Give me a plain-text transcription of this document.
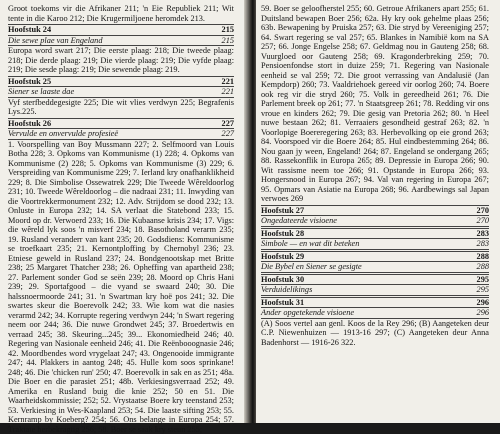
Groot toekoms vir die Afrikaner 211; 'n Eie Republiek 211; Wit tente in die Karoo 212; Die Krugermiljoene heromdek 213.

Hoofstuk 24	215
Die sewe plae van Engeland	215

Europa word swart 217; Die eerste plaag: 218; Die tweede plaag: 218; Die derde plaag: 219; Die vierde plaag: 219; Die vyfde plaag: 219; Die sesde plaag: 219; Die sewende plaag: 219.

Hoofstuk 25	221
Siener se laaste dae	221

Vyf sterfbeddegesigte 225; Die wit vlies verdwyn 225; Begrafenis Lys.225.

Hoofstuk 26	227
Vervulde en onvervulde profesieë	227

1. Voorspelling van Boy Mussmann 227; 2. Selfmoord van Louis Botha 228; 3. Opkoms van Kommunisme (1) 228; 4. Opkoms van Kommunisme (2) 228; 5. Opkoms van Kommunisme (3) 229; 6. Verspreiding van Kommunisme 229; 7. Ierland kry onafhanklikheid 229; 8. Die Simbolise Ossewatrek 229; Die Tweede Wêreldoorlog 231; 10. Tweede Wêreldoorlog – die nadraai 231; 11. Inwyding van die Voortrekkermonument 232; 12. Adv. Strijdom se dood 232; 13. Onluste in Europa 232; 14. SA verlaat die Statebond 233; 15. Moord op dr. Verwoerd 233; 16. Die Kubaanse krisis 234; 17. Vigs: die wêreld lyk soos 'n misverf 234; 18. Basotholand verarm 235; 19. Rusland veranderr van kant 235; 20. Godsdiens: Kommunisme se troefkaart 235; 21. Kernontploffing by Chernobyl 236; 23. Etniese geweld in Rusland 237; 24. Bondgenootskap met Britte 238; 25 Margaret Thatcher 238; 26. Opheffing van apartheid 238; 27. Parlement sonder God se seën 239; 28. Moord op Chris Hani 239; 29. Sportafgood – die vyand se swaard 240; 30. Die halssnoermoorde 241; 31. 'n Swartman kry hoë pos 241; 32. Die swartes skeur die Boerevolk 242; 33. Wie kom wat die nasies verarmd 242; 34. Korrupte regering verdwyn 244; 'n Swart regering neem oor 244; 36. Die nuwe Grondwet 245; 37. Broedertwis en verraad 245; 38. Skeuring...245; 39... Ekonomiedheid 246; 40. Regering van Nasionale eenheid 246; 41. Die Reënbooognasie 246; 42. Moordbendes word vrygelaat 247; 43. Ongenooide immigrante 247; 44. Plakkers in aantog 248; 45. Hulle kom soos sprinkane! 248; 46. Die 'chicken run' 250; 47. Boerevolk in sak en as 251; 48a. Die Boer en die parasiet 251; 48b. Verkiesingsverraad 252; 49. Amerika en Rusland buig die knie 252; 50 en 51. Die Waarheidskommissie; 252; 52. Vrystaatse Boere kry teenstand 253; 53. Verkiesing in Wes-Kaapland 253; 54. Die laaste sifting 253; 55. Kernramp by Koeberg? 254; 56. Ons belange in Europa 254; 57. Traktate herbekragtig 256; 58. Boer se saak kry steun 255;

59. Boer se geloofherstel 255; 60. Getroue Afrikaners apart 255; 61. Duitsland bewapen Boer 256; 62a. Hy kry ook gehelme plaas 256; 63b. Bewapening by Pruiska 257; 63. Die stryd by Vereeniging 257; 64. Swart regering se val 257; 65. Blankes in Namibië kom na SA 257; 66. Jonge Engelse 258; 67. Geldmag nou in Gauteng 258; 68. Vuurgloed oor Gauteng 258; 69. Kragonderbreking 259; 70. Pensioenfondse stort in duize 259; 71. Regering van Nasionale eenheid se val 259; 72. Die groot verrassing van Andalusië (Jan Kempdorp) 260; 73. Vaaldriehoek gereed vir oorlog 260; 74. Boere ook reg vir die stryd 260; 75. Volk in gereedheid 261; 76. Die Parlement breek op 261; 77. 'n Staatsgreep 261; 78. Redding vir ons vroue en kinders 262; 79. Die gesig van Pretoria 262; 80. 'n Heel nuwe bestaan 262; 81. Verraaiers gesondheid gestraf 263; 82. 'n Voorlopige Boereregering 263; 83. Herbevolking op eie grond 263; 84. Voorspoed vir die Boere 264; 85. Hul eindbestemming 264; 86. Nou gaan jy ween, Engeland! 264; 87. Engeland se ondergang 265; 88. Rassekonflik in Europa 265; 89. Depressie in Europa 266; 90. Wit rassisme neem toe 266; 91. Opstande in Europa 266; 93. Hongersnood in Europa 267; 94. Val van regering in Europa 267; 95. Opmars van Asiatie na Europa 268; 96. Aardbewings sal Japan verwoes 269

Hoofstuk 27	270
Ongedateerde visioene	270
Hoofstuk 28	283
Simbole — en wat dit beteken	283
Hoofstuk 29	288
Die Bybel en Siener se gesigte	288
Hoofstuk 30	295
Verduidelikings	295
Hoofstuk 31	296
Ander opgetekende visioene	296

(A) Soos vertel aan genl. Koos de la Rey 296; (B) Aangeteken deur C.P. Niewenhuizen — 1913-16 297; (C) Aangeteken deur Anna Badenhorst — 1916-26 322.
